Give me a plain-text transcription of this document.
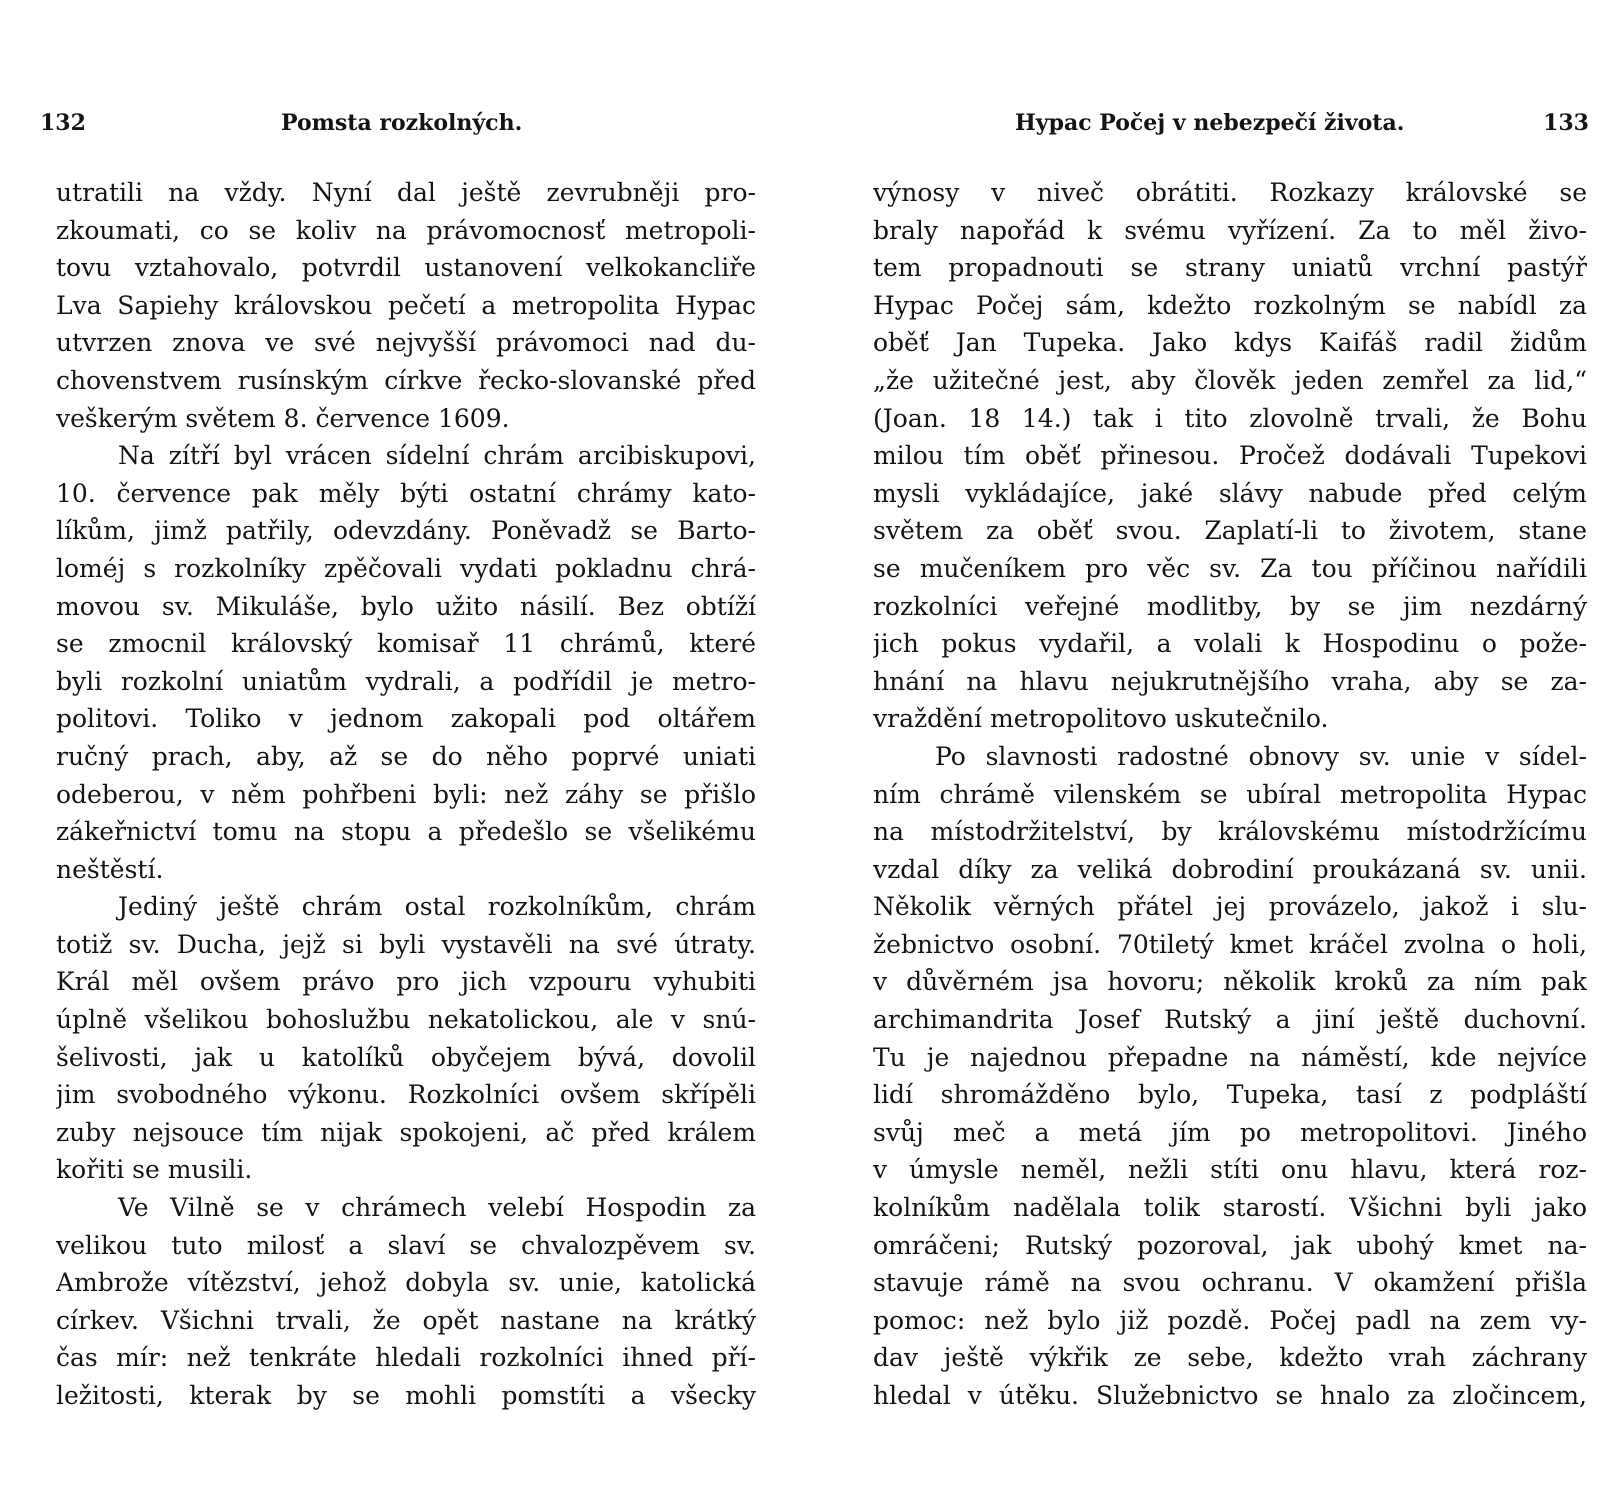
132	Pomsta rozkolných.
utratili na vždy. Nyní dal ještě zevrubněji pro-
zkoumati, co se koliv na právomocnosť metropoli-
tovu vztahovalo, potvrdil ustanovení velkokancliře
Lva Sapiehy královskou pečetí a metropolita Hypac
utvrzen znova ve své nejvyšší právomoci nad du-
chovenstvem rusínským církve řecko-slovanské před
veškerým světem 8. července 1609.
Na zítří byl vrácen sídelní chrám arcibiskupovi,
10. července pak měly býti ostatní chrámy kato-
líkům, jimž patřily, odevzdány. Poněvadž se Barto-
loméj s rozkolníky zpěčovali vydati pokladnu chrá-
movou sv. Mikuláše, bylo užito násilí. Bez obtíží
se zmocnil královský komisař 11 chrámů, které
byli rozkolní uniatům vydrali, a podřídil je metro-
politovi. Toliko v jednom zakopali pod oltářem
ručný prach, aby, až se do něho poprvé uniati
odeberou, v něm pohřbeni byli: než záhy se přišlo
zákeřnictví tomu na stopu a předešlo se všelikému
neštěstí.
Jediný ještě chrám ostal rozkolníkům, chrám
totiž sv. Ducha, jejž si byli vystavěli na své útraty.
Král měl ovšem právo pro jich vzpouru vyhubiti
úplně všelikou bohoslužbu nekatolickou, ale v snú-
šelivosti, jak u katolíků obyčejem bývá, dovolil
jim svobodného výkonu. Rozkolníci ovšem skřípěli
zuby nejsouce tím nijak spokojeni, ač před králem
kořiti se musili.
Ve Vilně se v chrámech velebí Hospodin za
velikou tuto milosť a slaví se chvalozpěvem sv.
Ambrože vítězství, jehož dobyla sv. unie, katolická
církev. Všichni trvali, že opět nastane na krátký
čas mír: než tenkráte hledali rozkolníci ihned pří-
ležitosti, kterak by se mohli pomstíti a všecky
Hypac Počej v nebezpečí života.	133
výnosy v niveč obrátiti. Rozkazy královské se
braly napořád k svému vyřízení. Za to měl živo-
tem propadnouti se strany uniatů vrchní pastýř
Hypac Počej sám, kdežto rozkolným se nabídl za
oběť Jan Tupeka. Jako kdys Kaifáš radil židům
„že užitečné jest, aby člověk jeden zemřel za lid,“
(Joan. 18 14.) tak i tito zlovolně trvali, že Bohu
milou tím oběť přinesou. Pročež dodávali Tupekovi
mysli vykládajíce, jaké slávy nabude před celým
světem za oběť svou. Zaplatí-li to životem, stane
se mučeníkem pro věc sv. Za tou příčinou nařídili
rozkolníci veřejné modlitby, by se jim nezdárný
jich pokus vydařil, a volali k Hospodinu o požе-
hnání na hlavu nejukrutnějšího vraha, aby se za-
vraždění metropolitovo uskutečnilo.
Po slavnosti radostné obnovy sv. unie v sídel-
ním chrámě vilenském se ubíral metropolita Hypac
na místodržitelství, by královskému místodržícímu
vzdal díky za veliká dobrodiní proukázaná sv. unii.
Několik věrných přátel jej provázelo, jakož i slu-
žebnictvo osobní. 70tiletý kmet kráčel zvolna o holi,
v důvěrném jsa hovoru; několik kroků za ním pak
archimandrita Josef Rutský a jiní ještě duchovní.
Tu je najednou přepadne na náměstí, kde nejvíce
lidí shromážděno bylo, Tupeka, tasí z podpláští
svůj meč a metá jím po metropolitovi. Jiného
v úmysle neměl, nežli stíti onu hlavu, která roz-
kolníkům nadělala tolik starostí. Všichni byli jako
omráčeni; Rutský pozoroval, jak ubohý kmet na-
stavuje rámě na svou ochranu. V okamžení přišla
pomoc: než bylo již pozdě. Počej padl na zem vy-
dav ještě výkřik ze sebe, kdežto vrah záchrany
hledal v útěku. Služebnictvo se hnalo za zločincem,
